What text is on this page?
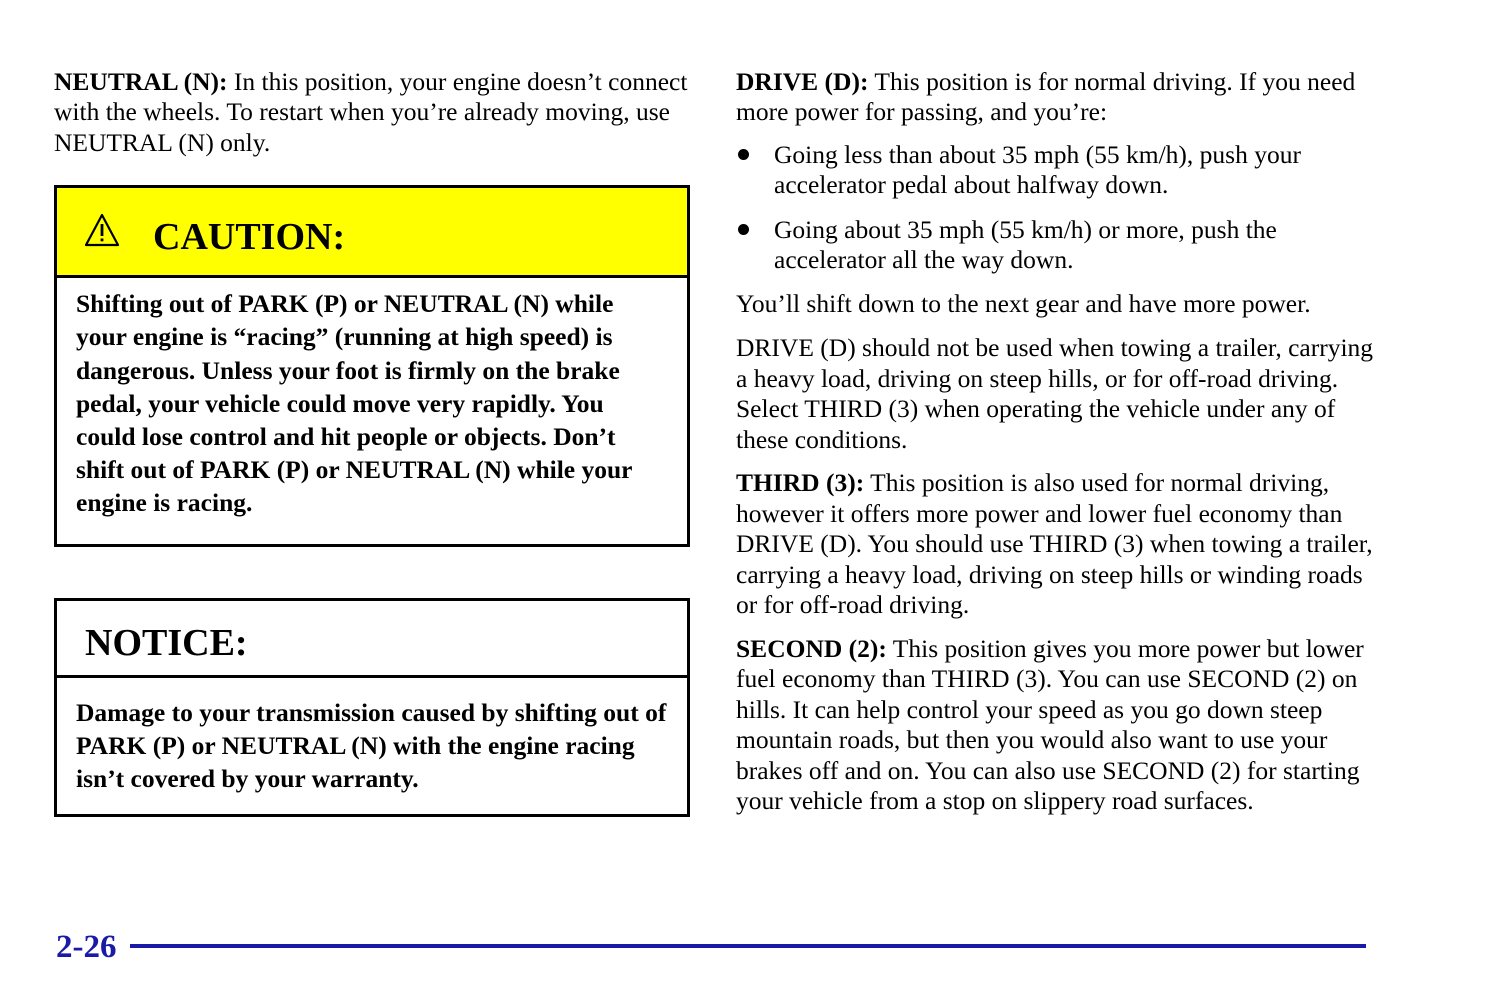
NEUTRAL (N): In this position, your engine doesn’t connect with the wheels. To restart when you’re already moving, use NEUTRAL (N) only.

CAUTION:

Shifting out of PARK (P) or NEUTRAL (N) while your engine is “racing” (running at high speed) is dangerous. Unless your foot is firmly on the brake pedal, your vehicle could move very rapidly. You could lose control and hit people or objects. Don’t shift out of PARK (P) or NEUTRAL (N) while your engine is racing.

NOTICE:

Damage to your transmission caused by shifting out of PARK (P) or NEUTRAL (N) with the engine racing isn’t covered by your warranty.

DRIVE (D): This position is for normal driving. If you need more power for passing, and you’re:

Going less than about 35 mph (55 km/h), push your accelerator pedal about halfway down.
Going about 35 mph (55 km/h) or more, push the accelerator all the way down.

You’ll shift down to the next gear and have more power.

DRIVE (D) should not be used when towing a trailer, carrying a heavy load, driving on steep hills, or for off-road driving. Select THIRD (3) when operating the vehicle under any of these conditions.

THIRD (3): This position is also used for normal driving, however it offers more power and lower fuel economy than DRIVE (D). You should use THIRD (3) when towing a trailer, carrying a heavy load, driving on steep hills or winding roads or for off-road driving.

SECOND (2): This position gives you more power but lower fuel economy than THIRD (3). You can use SECOND (2) on hills. It can help control your speed as you go down steep mountain roads, but then you would also want to use your brakes off and on. You can also use SECOND (2) for starting your vehicle from a stop on slippery road surfaces.

2-26
